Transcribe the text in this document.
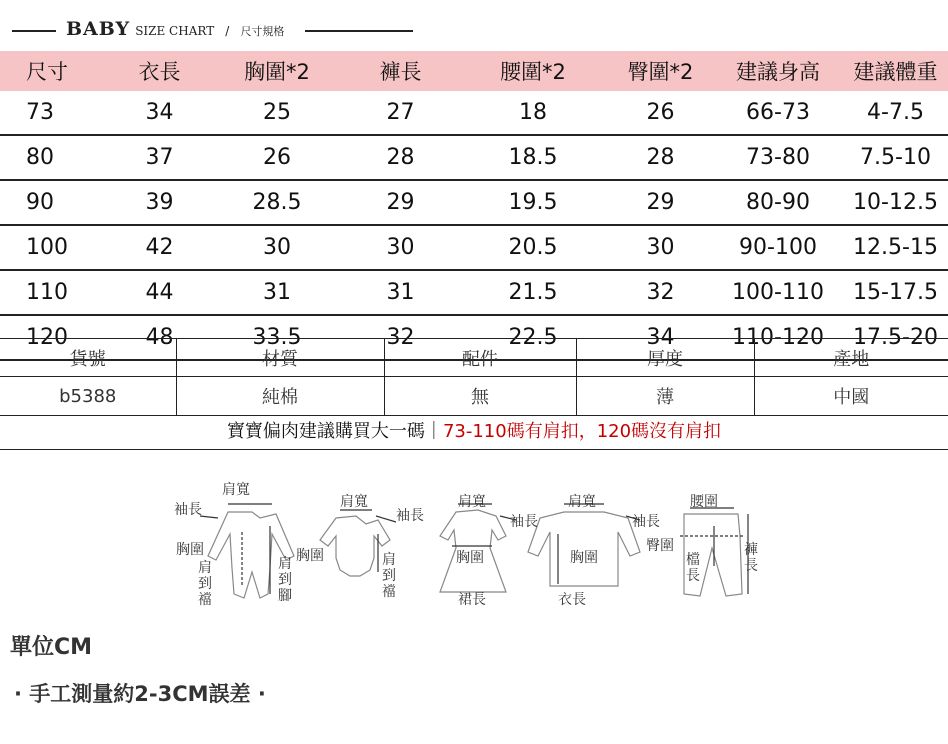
BABY SIZE CHART / 尺寸規格
尺寸	衣長	胸圍*2	褲長	腰圍*2	臀圍*2	建議身高	建議體重
73	34	25	27	18	26	66-73	4-7.5
80	37	26	28	18.5	28	73-80	7.5-10
90	39	28.5	29	19.5	29	80-90	10-12.5
100	42	30	30	20.5	30	90-100	12.5-15
110	44	31	31	21.5	32	100-110	15-17.5
120	48	33.5	32	22.5	34	110-120	17.5-20
貨號	材質	配件	厚度	產地
b5388	純棉	無	薄	中國
寶寶偏肉建議購買大一碼｜73-110碼有肩扣，120碼沒有肩扣
肩寬
袖長
胸圍
肩到襠
肩到腳
肩寬
袖長
胸圍	肩到襠
肩寬
袖長
胸圍
裙長
肩寬
袖長
胸圍
衣長
腰圍
臀圍
檔長
褲長
單位CM
· 手工測量約2-3CM誤差 ·
